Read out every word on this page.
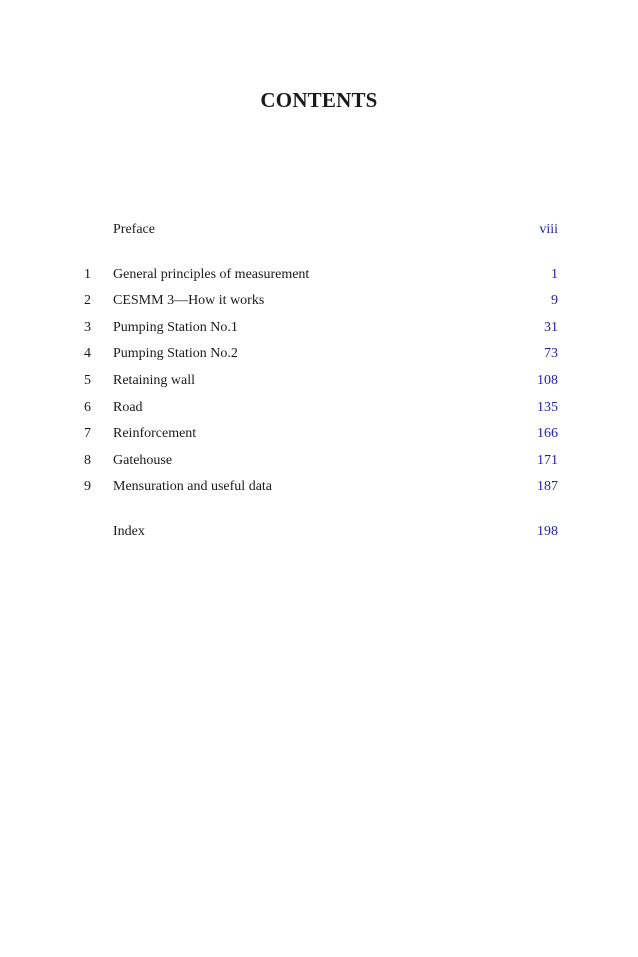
CONTENTS
Preface	viii
1 General principles of measurement	1
2 CESMM 3—How it works	9
3 Pumping Station No.1	31
4 Pumping Station No.2	73
5 Retaining wall	108
6 Road	135
7 Reinforcement	166
8 Gatehouse	171
9 Mensuration and useful data	187
Index	198
